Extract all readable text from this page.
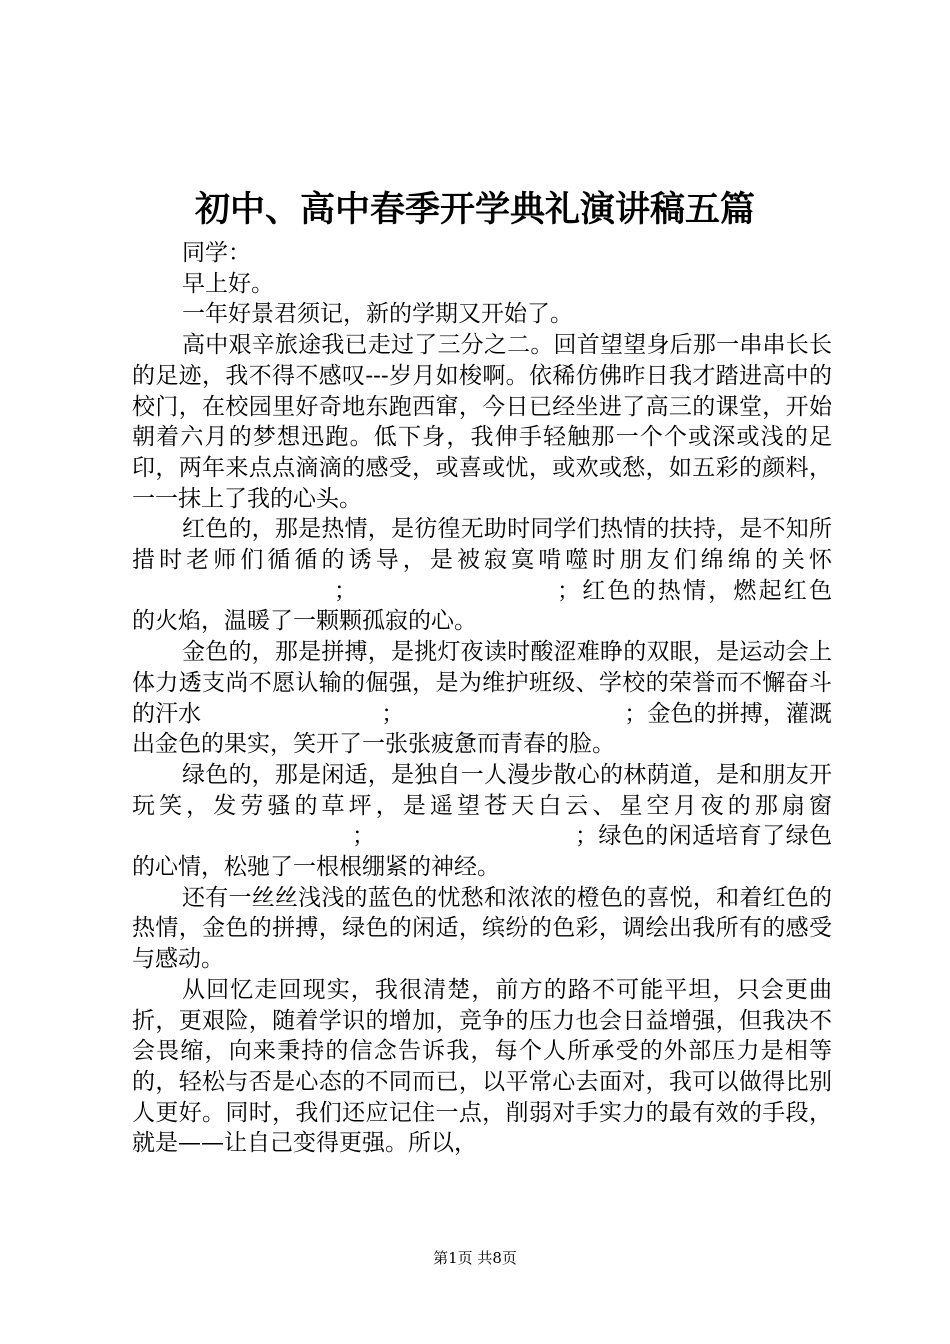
初中、高中春季开学典礼演讲稿五篇

同学：

早上好。

一年好景君须记，新的学期又开始了。

高中艰辛旅途我已走过了三分之二。回首望望身后那一串串长长的足迹，我不得不感叹---岁月如梭啊。依稀仿佛昨日我才踏进高中的校门，在校园里好奇地东跑西窜，今日已经坐进了高三的课堂，开始朝着六月的梦想迅跑。低下身，我伸手轻触那一个个或深或浅的足印，两年来点点滴滴的感受，或喜或忧，或欢或愁，如五彩的颜料，一一抹上了我的心头。

红色的，那是热情，是彷徨无助时同学们热情的扶持，是不知所措时老师们循循的诱导，是被寂寞啃噬时朋友们绵绵的关怀；	；红色的热情，燃起红色的火焰，温暖了一颗颗孤寂的心。

金色的，那是拼搏，是挑灯夜读时酸涩难睁的双眼，是运动会上体力透支尚不愿认输的倔强，是为维护班级、学校的荣誉而不懈奋斗的汗水	；	；金色的拼搏，灌溉出金色的果实，笑开了一张张疲惫而青春的脸。

绿色的，那是闲适，是独自一人漫步散心的林荫道，是和朋友开玩笑，发劳骚的草坪，是遥望苍天白云、星空月夜的那扇窗；	；绿色的闲适培育了绿色的心情，松驰了一根根绷紧的神经。

还有一丝丝浅浅的蓝色的忧愁和浓浓的橙色的喜悦，和着红色的热情，金色的拼搏，绿色的闲适，缤纷的色彩，调绘出我所有的感受与感动。

从回忆走回现实，我很清楚，前方的路不可能平坦，只会更曲折，更艰险，随着学识的增加，竞争的压力也会日益增强，但我决不会畏缩，向来秉持的信念告诉我，每个人所承受的外部压力是相等的，轻松与否是心态的不同而已，以平常心去面对，我可以做得比别人更好。同时，我们还应记住一点，削弱对手实力的最有效的手段，就是——让自己变得更强。所以，

第1页 共8页
